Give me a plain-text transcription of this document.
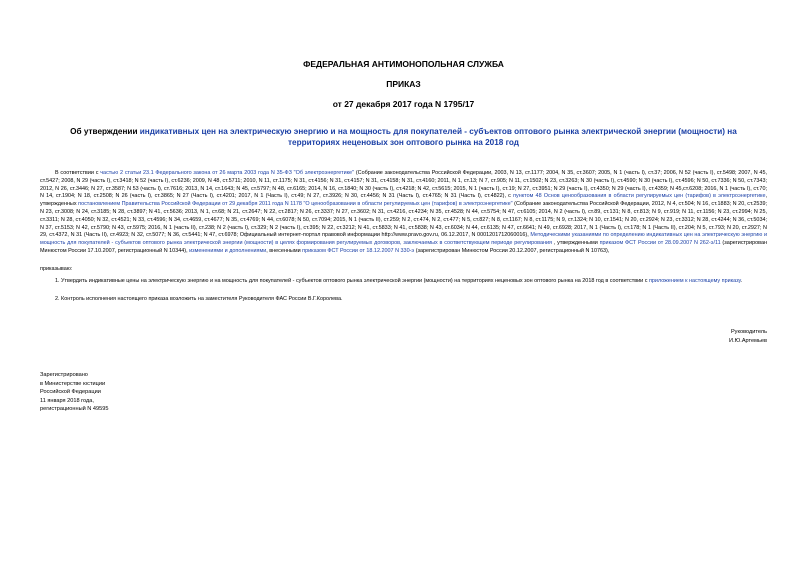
ФЕДЕРАЛЬНАЯ АНТИМОНОПОЛЬНАЯ СЛУЖБА
ПРИКАЗ
от 27 декабря 2017 года N 1795/17
Об утверждении индикативных цен на электрическую энергию и на мощность для покупателей - субъектов оптового рынка электрической энергии (мощности) на территориях неценовых зон оптового рынка на 2018 год
В соответствии с частью 2 статьи 23.1 Федерального закона от 26 марта 2003 года N 35-ФЗ "Об электроэнергетике" (Собрание законодательства Российской Федерации, 2003, N 13, ст.1177; 2004, N 35, ст.3607; 2005, N 1 (часть I), ст.37; 2006, N 52 (часть I), ст.5498; 2007, N 45, ст.5427; 2008, N 29 (часть I), ст.3418; N 52 (часть I), ст.6236; 2009, N 48, ст.5711; 2010, N 11, ст.1175; N 31, ст.4156; N 31, ст.4157; N 31, ст.4158; N 31, ст.4160; 2011, N 1, ст.13; N 7, ст.905; N 11, ст.1502; N 23, ст.3263; N 30 (часть I), ст.4590; N 30 (часть I), ст.4596; N 50, ст.7336; N 50, ст.7343; 2012, N 26, ст.3446; N 27, ст.3587; N 53 (часть I), ст.7616; 2013, N 14, ст.1643; N 45, ст.5797; N 48, ст.6165; 2014, N 16, ст.1840; N 30 (часть I), ст.4218; N 42, ст.5615; 2015, N 1 (часть I), ст.19; N 27, ст.3951; N 29 (часть I), ст.4350; N 29 (часть I), ст.4359; N 45,ст.6208; 2016, N 1 (часть I), ст.70; N 14, ст.1904; N 18, ст.2508; N 26 (часть I), ст.3865; N 27 (Часть I), ст.4201; 2017, N 1 (Часть I), ст.49; N 27, ст.3926; N 30, ст.4456; N 31 (Часть I), ст.4765; N 31 (Часть I), ст.4822), с пунктом 48 Основ ценообразования в области регулируемых цен (тарифов) в электроэнергетике, утвержденных постановлением Правительства Российской Федерации от 29 декабря 2011 года N 1178 "О ценообразовании в области регулируемых цен (тарифов) в электроэнергетике" (Собрание законодательства Российской Федерации, 2012, N 4, ст.504; N 16, ст.1883; N 20, ст.2539; N 23, ст.3008; N 24, ст.3185; N 28, ст.3897; N 41, ст.5636; 2013, N 1, ст.68; N 21, ст.2647; N 22, ст.2817; N 26, ст.3337; N 27, ст.3602; N 31, ст.4216, ст.4234; N 35, ст.4528; N 44, ст.5754; N 47, ст.6105; 2014, N 2 (часть I), ст.89, ст.131; N 8, ст.813; N 9, ст.919; N 11, ст.1156; N 23, ст.2994; N 25, ст.3311; N 28, ст.4050; N 32, ст.4521; N 33, ст.4596; N 34, ст.4659, ст.4677; N 35, ст.4769; N 44, ст.6078; N 50, ст.7094; 2015, N 1 (часть II), ст.259; N 2, ст.474, N 2, ст.477; N 5, ст.827; N 8, ст.1167; N 8, ст.1175; N 9, ст.1324; N 10, ст.1541; N 20, ст.2924; N 23, ст.3312; N 28, ст.4244; N 36, ст.5034; N 37, ст.5153; N 42, ст.5790; N 43, ст.5975; 2016, N 1 (часть II), ст.238; N 2 (часть I), ст.329; N 2 (часть I), ст.395; N 22, ст.3212; N 41, ст.5833; N 41, ст.5838; N 43, ст.6034; N 44, ст.6135; N 47, ст.6641; N 49, ст.6928; 2017, N 1 (Часть I), ст.178; N 1 (Часть II), ст.204; N 5, ст.793; N 20, ст.2927; N 29, ст.4372, N 31 (Часть II), ст.4923; N 32, ст.5077; N 36, ст.5441; N 47, ст.6978; Официальный интернет-портал правовой информации http://www.pravo.gov.ru, 06.12.2017, N 0001201712060016), Методическими указаниями по определению индикативных цен на электрическую энергию и мощность для покупателей - субъектов оптового рынка электрической энергии (мощности) в целях формирования регулируемых договоров, заключаемых в соответствующем периоде регулирования , утвержденными приказом ФСТ России от 28.09.2007 N 262-э/11 (зарегистрирован Минюстом России 17.10.2007, регистрационный N 10344), изменениями и дополнениями, внесенными приказом ФСТ России от 18.12.2007 N 330-э (зарегистрирован Минюстом России 20.12.2007, регистрационный N 10763),
приказываю:
1. Утвердить индикативные цены на электрическую энергию и на мощность для покупателей - субъектов оптового рынка электрической энергии (мощности) на территориях неценовых зон оптового рынка на 2018 год в соответствии с приложением к настоящему приказу.
2. Контроль исполнения настоящего приказа возложить на заместителя Руководителя ФАС России В.Г.Королева.
Руководитель
И.Ю.Артемьев
Зарегистрировано
в Министерстве юстиции
Российской Федерации
11 января 2018 года,
регистрационный N 49595
